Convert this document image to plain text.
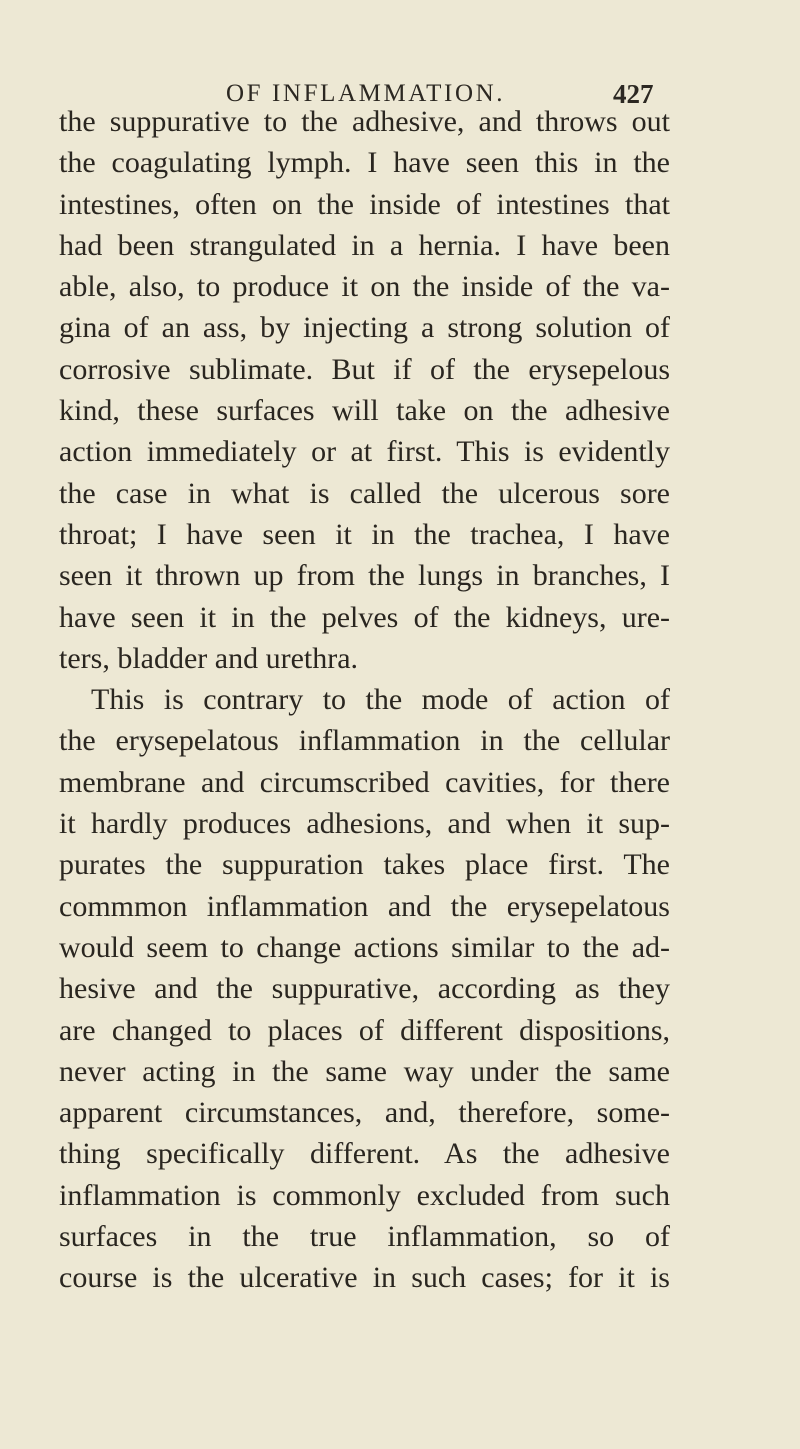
OF INFLAMMATION.	427
the suppurative to the adhesive, and throws out
the coagulating lymph. I have seen this in the
intestines, often on the inside of intestines that
had been strangulated in a hernia. I have been
able, also, to produce it on the inside of the va-
gina of an ass, by injecting a strong solution of
corrosive sublimate. But if of the erysepelous
kind, these surfaces will take on the adhesive
action immediately or at first. This is evidently
the case in what is called the ulcerous sore
throat; I have seen it in the trachea, I have
seen it thrown up from the lungs in branches, I
have seen it in the pelves of the kidneys, ure-
ters, bladder and urethra.
This is contrary to the mode of action of
the erysepelatous inflammation in the cellular
membrane and circumscribed cavities, for there
it hardly produces adhesions, and when it sup-
purates the suppuration takes place first. The
commmon inflammation and the erysepelatous
would seem to change actions similar to the ad-
hesive and the suppurative, according as they
are changed to places of different dispositions,
never acting in the same way under the same
apparent circumstances, and, therefore, some-
thing specifically different. As the adhesive
inflammation is commonly excluded from such
surfaces in the true inflammation, so of
course is the ulcerative in such cases; for it is
